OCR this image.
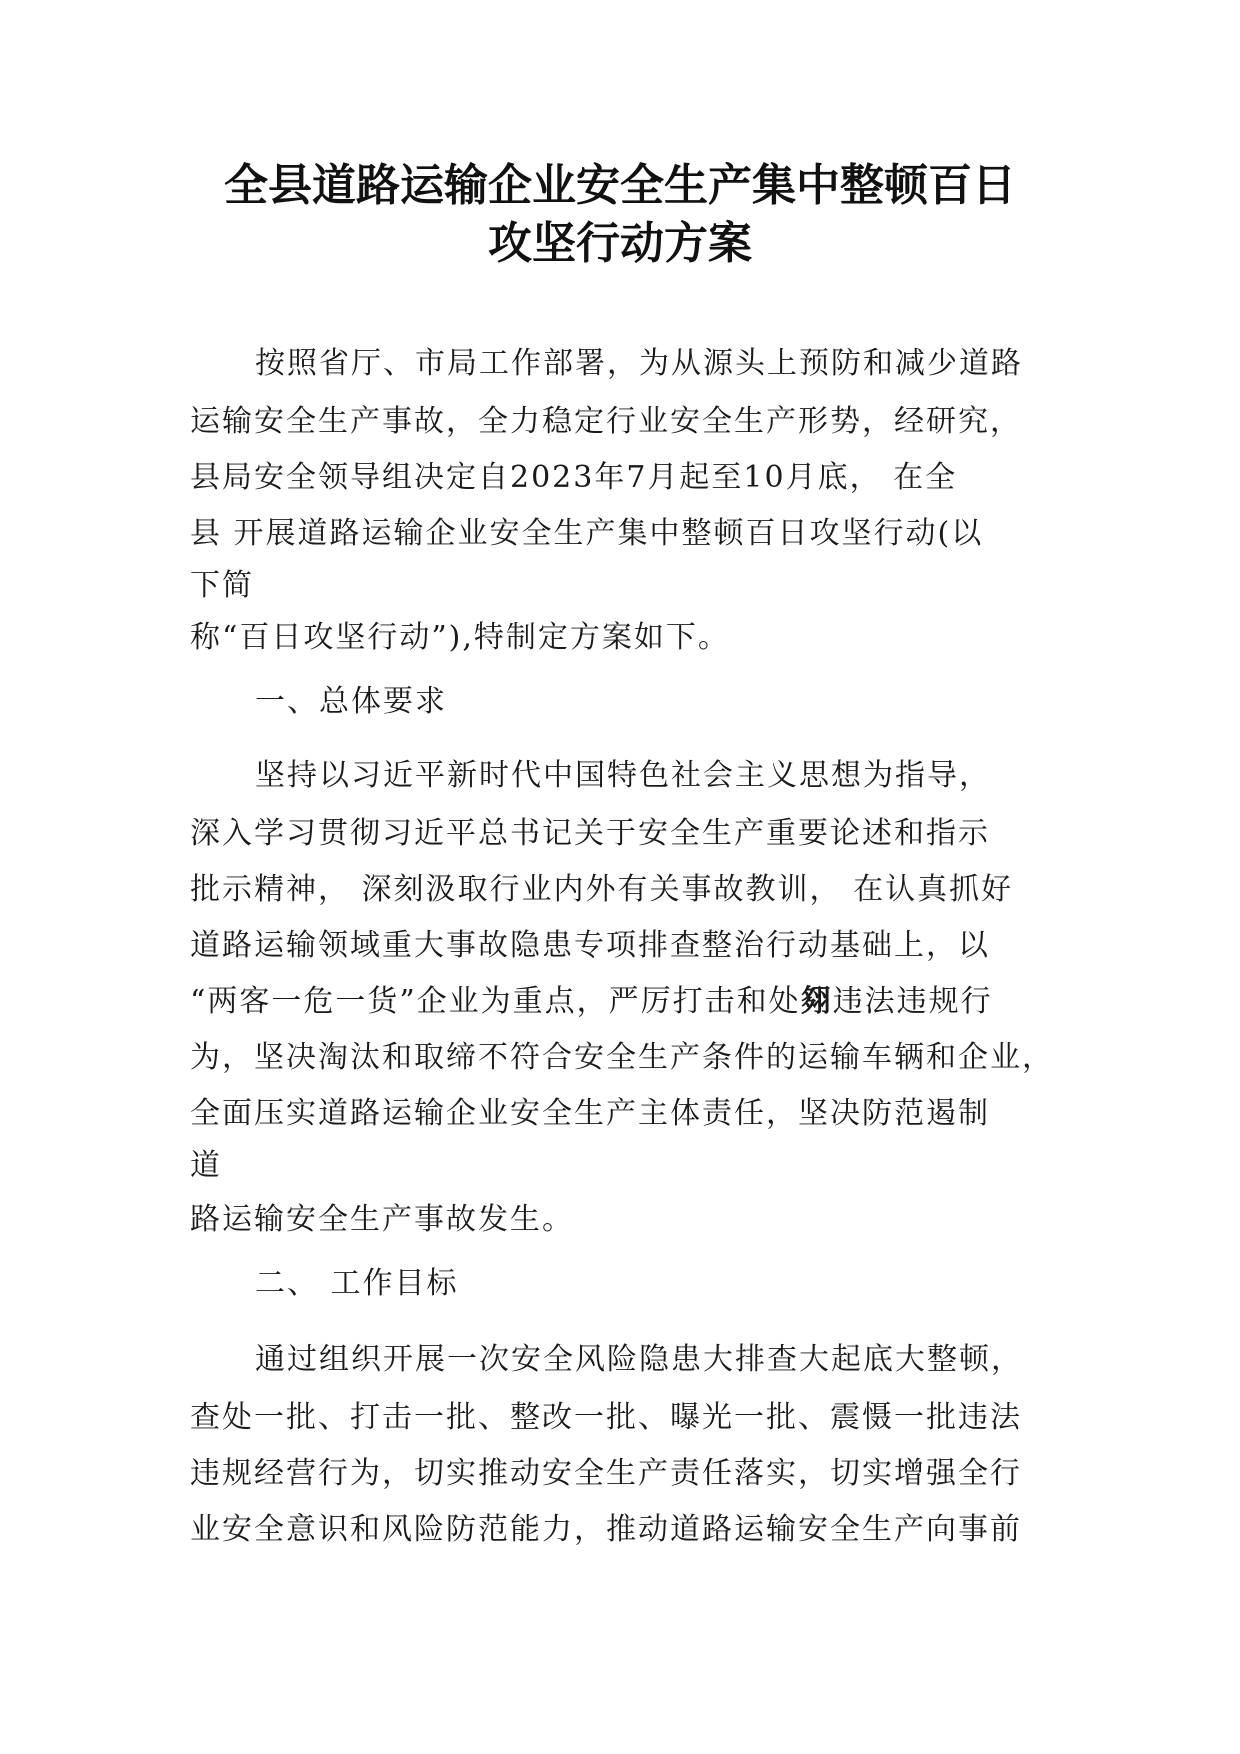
全县道路运输企业安全生产集中整顿百日
攻坚行动方案
按照省厅、市局工作部署，为从源头上预防和减少道路
运输安全生产事故，全力稳定行业安全生产形势，经研究，
县局安全领导组决定自2023年7月起至10月底， 在全
县 开展道路运输企业安全生产集中整顿百日攻坚行动(以
下简
称“百日攻坚行动”),特制定方案如下。
一、总体要求
坚持以习近平新时代中国特色社会主义思想为指导，
深入学习贯彻习近平总书记关于安全生产重要论述和指示
批示精神， 深刻汲取行业内外有关事故教训， 在认真抓好
道路运输领域重大事故隐患专项排查整治行动基础上，以
“两客一危一货”企业为重点，严厉打击和处翗违法违规行
为，坚决淘汰和取缔不符合安全生产条件的运输车辆和企业，
全面压实道路运输企业安全生产主体责任，坚决防范遏制
道
路运输安全生产事故发生。
二、 工作目标
通过组织开展一次安全风险隐患大排查大起底大整顿，
查处一批、打击一批、整改一批、曝光一批、震慑一批违法
违规经营行为，切实推动安全生产责任落实，切实增强全行
业安全意识和风险防范能力，推动道路运输安全生产向事前
